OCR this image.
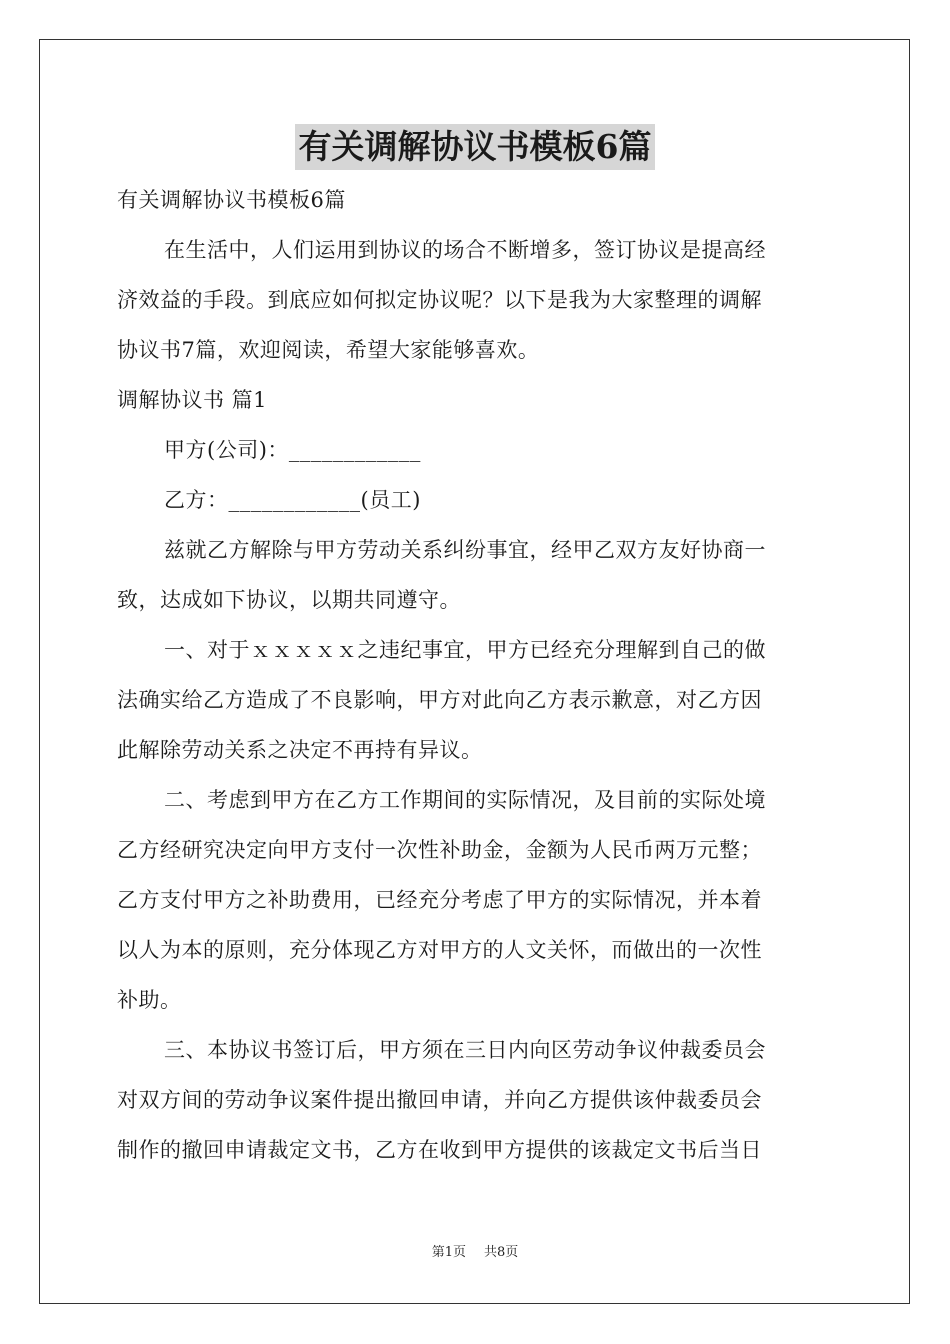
有关调解协议书模板6篇
有关调解协议书模板6篇
在生活中，人们运用到协议的场合不断增多，签订协议是提高经
济效益的手段。到底应如何拟定协议呢？以下是我为大家整理的调解
协议书7篇，欢迎阅读，希望大家能够喜欢。
调解协议书 篇1
甲方(公司)：____________
乙方：____________(员工)
兹就乙方解除与甲方劳动关系纠纷事宜，经甲乙双方友好协商一
致，达成如下协议，以期共同遵守。
一、对于ｘｘｘｘｘ之违纪事宜，甲方已经充分理解到自己的做
法确实给乙方造成了不良影响，甲方对此向乙方表示歉意，对乙方因
此解除劳动关系之决定不再持有异议。
二、考虑到甲方在乙方工作期间的实际情况，及目前的实际处境
乙方经研究决定向甲方支付一次性补助金，金额为人民币两万元整；
乙方支付甲方之补助费用，已经充分考虑了甲方的实际情况，并本着
以人为本的原则，充分体现乙方对甲方的人文关怀，而做出的一次性
补助。
三、本协议书签订后，甲方须在三日内向区劳动争议仲裁委员会
对双方间的劳动争议案件提出撤回申请，并向乙方提供该仲裁委员会
制作的撤回申请裁定文书，乙方在收到甲方提供的该裁定文书后当日
第1页 共8页
